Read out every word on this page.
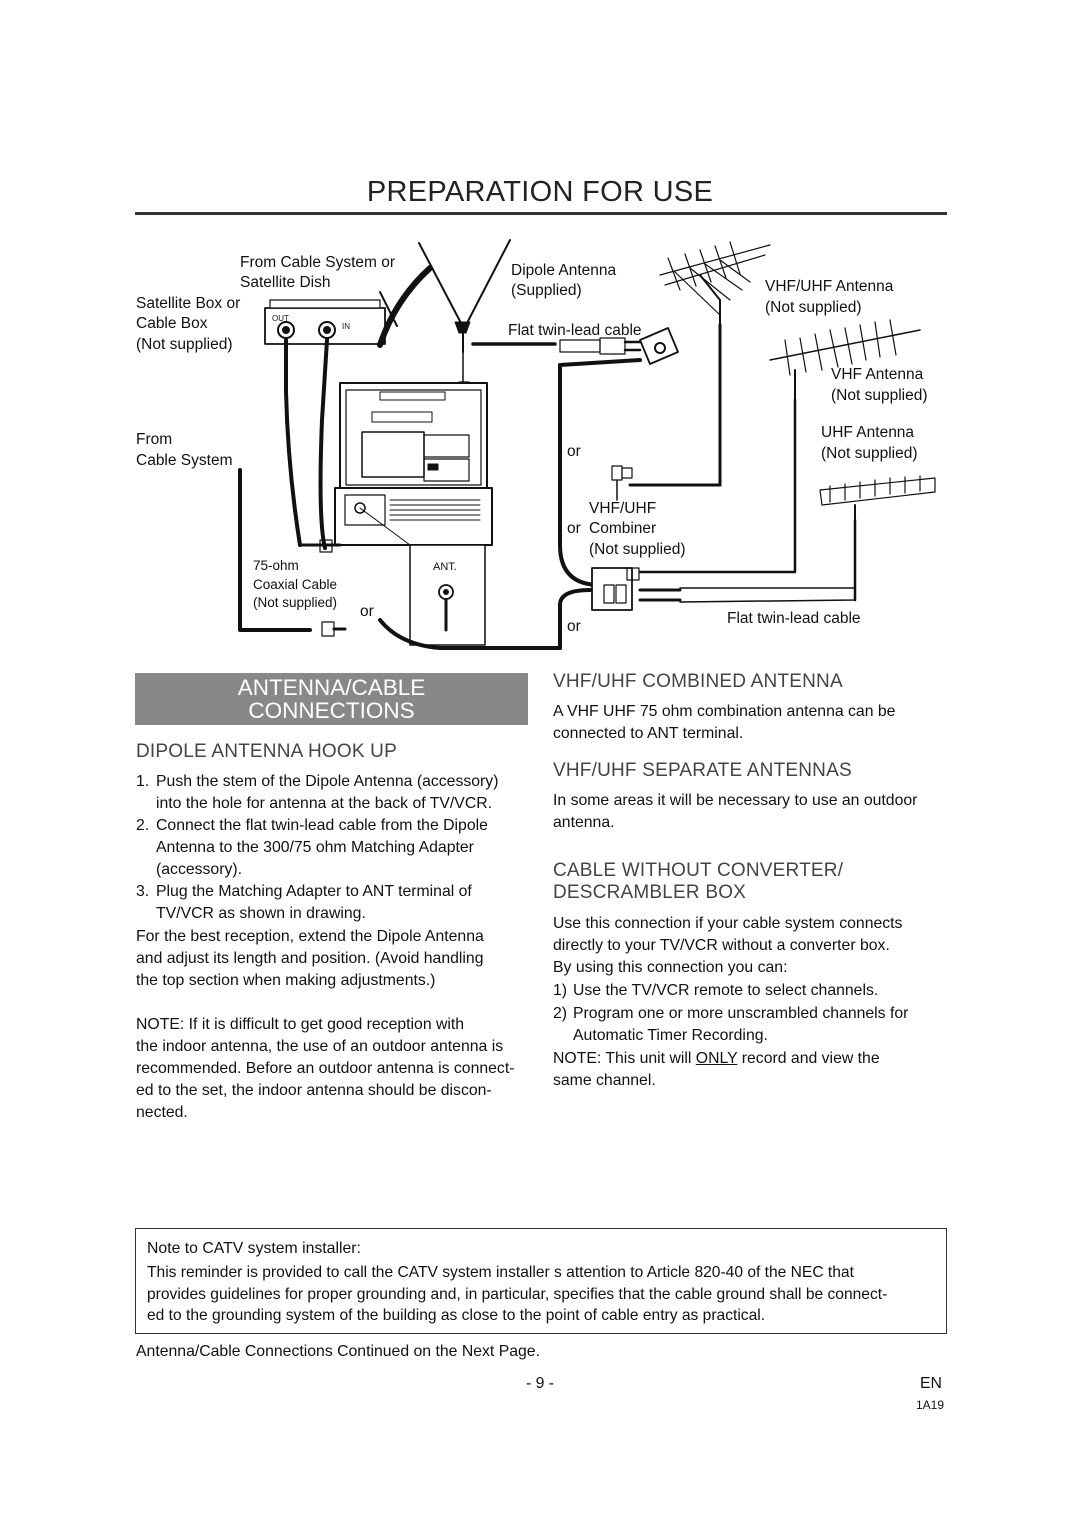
PREPARATION FOR USE
From Cable System or
Satellite Dish
Satellite Box or
Cable Box
(Not supplied)
OUT
IN
Dipole Antenna
(Supplied)
Flat twin-lead cable
VHF/UHF Antenna
(Not supplied)
VHF Antenna
(Not supplied)
UHF Antenna
(Not supplied)
From
Cable System
or
VHF/UHF
or Combiner
(Not supplied)
75-ohm
Coaxial Cable
(Not supplied)
or
ANT.
or	Flat twin-lead cable
ANTENNA/CABLE
CONNECTIONS
DIPOLE ANTENNA HOOK UP
1. Push the stem of the Dipole Antenna (accessory)
into the hole for antenna at the back of TV/VCR.
2. Connect the flat twin-lead cable from the Dipole
Antenna to the 300/75 ohm Matching Adapter
(accessory).
3. Plug the Matching Adapter to ANT terminal of
TV/VCR as shown in drawing.
For the best reception, extend the Dipole Antenna
and adjust its length and position. (Avoid handling
the top section when making adjustments.)
NOTE: If it is difficult to get good reception with
the indoor antenna, the use of an outdoor antenna is
recommended. Before an outdoor antenna is connect-
ed to the set, the indoor antenna should be discon-
nected.
VHF/UHF COMBINED ANTENNA
A VHF UHF 75 ohm combination antenna can be
connected to ANT terminal.
VHF/UHF SEPARATE ANTENNAS
In some areas it will be necessary to use an outdoor
antenna.
CABLE WITHOUT CONVERTER/
DESCRAMBLER BOX
Use this connection if your cable system connects
directly to your TV/VCR without a converter box.
By using this connection you can:
1) Use the TV/VCR remote to select channels.
2) Program one or more unscrambled channels for
Automatic Timer Recording.
NOTE: This unit will ONLY record and view the
same channel.
Note to CATV system installer:
This reminder is provided to call the CATV system installer s attention to Article 820-40 of the NEC that
provides guidelines for proper grounding and, in particular, specifies that the cable ground shall be connect-
ed to the grounding system of the building as close to the point of cable entry as practical.
Antenna/Cable Connections Continued on the Next Page.
- 9 -	EN
1A19
